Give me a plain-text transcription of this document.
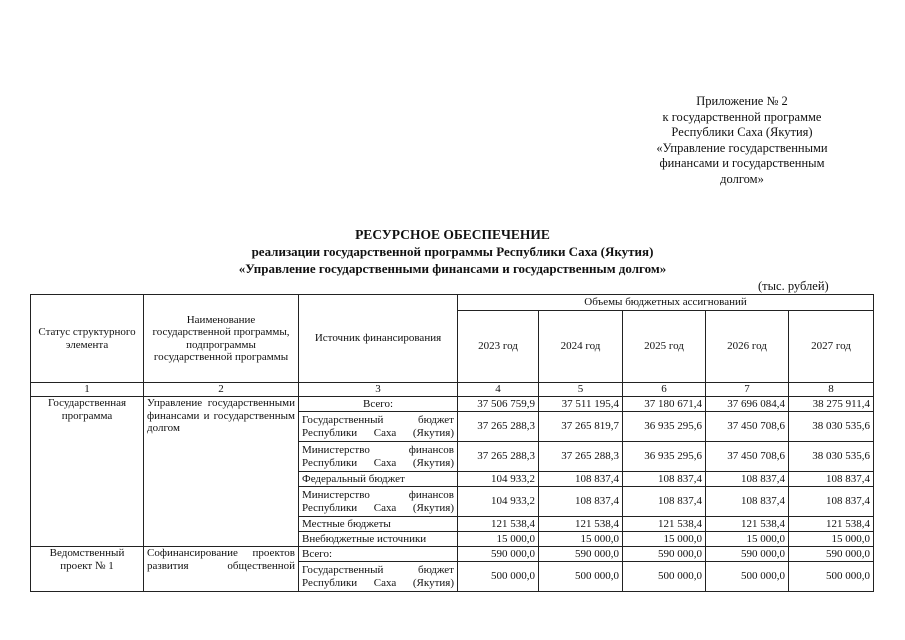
Приложение № 2
к государственной программе
Республики Саха (Якутия)
«Управление государственными
финансами и государственным
долгом»
РЕСУРСНОЕ ОБЕСПЕЧЕНИЕ
реализации государственной программы Республики Саха (Якутия)
«Управление государственными финансами и государственным долгом»
(тыс. рублей)
Статус структурного элемента	Наименование государственной программы, подпрограммы государственной программы	Источник финансирования	Объемы бюджетных ассигнований				
			2023 год	2024 год	2025 год	2026 год	2027 год
1	2	3	4	5	6	7	8
Государственная программа	Управление государственными финансами и государственным долгом	Всего:	37 506 759,9	37 511 195,4	37 180 671,4	37 696 084,4	38 275 911,4
		Государственный бюджет Республики Саха (Якутия)	37 265 288,3	37 265 819,7	36 935 295,6	37 450 708,6	38 030 535,6
		Министерство финансов Республики Саха (Якутия)	37 265 288,3	37 265 288,3	36 935 295,6	37 450 708,6	38 030 535,6
		Федеральный бюджет	104 933,2	108 837,4	108 837,4	108 837,4	108 837,4
		Министерство финансов Республики Саха (Якутия)	104 933,2	108 837,4	108 837,4	108 837,4	108 837,4
		Местные бюджеты	121 538,4	121 538,4	121 538,4	121 538,4	121 538,4
		Внебюджетные источники	15 000,0	15 000,0	15 000,0	15 000,0	15 000,0
Ведомственный проект № 1	Софинансирование проектов развития общественной	Всего:	590 000,0	590 000,0	590 000,0	590 000,0	590 000,0
		Государственный бюджет Республики Саха (Якутия)	500 000,0	500 000,0	500 000,0	500 000,0	500 000,0
